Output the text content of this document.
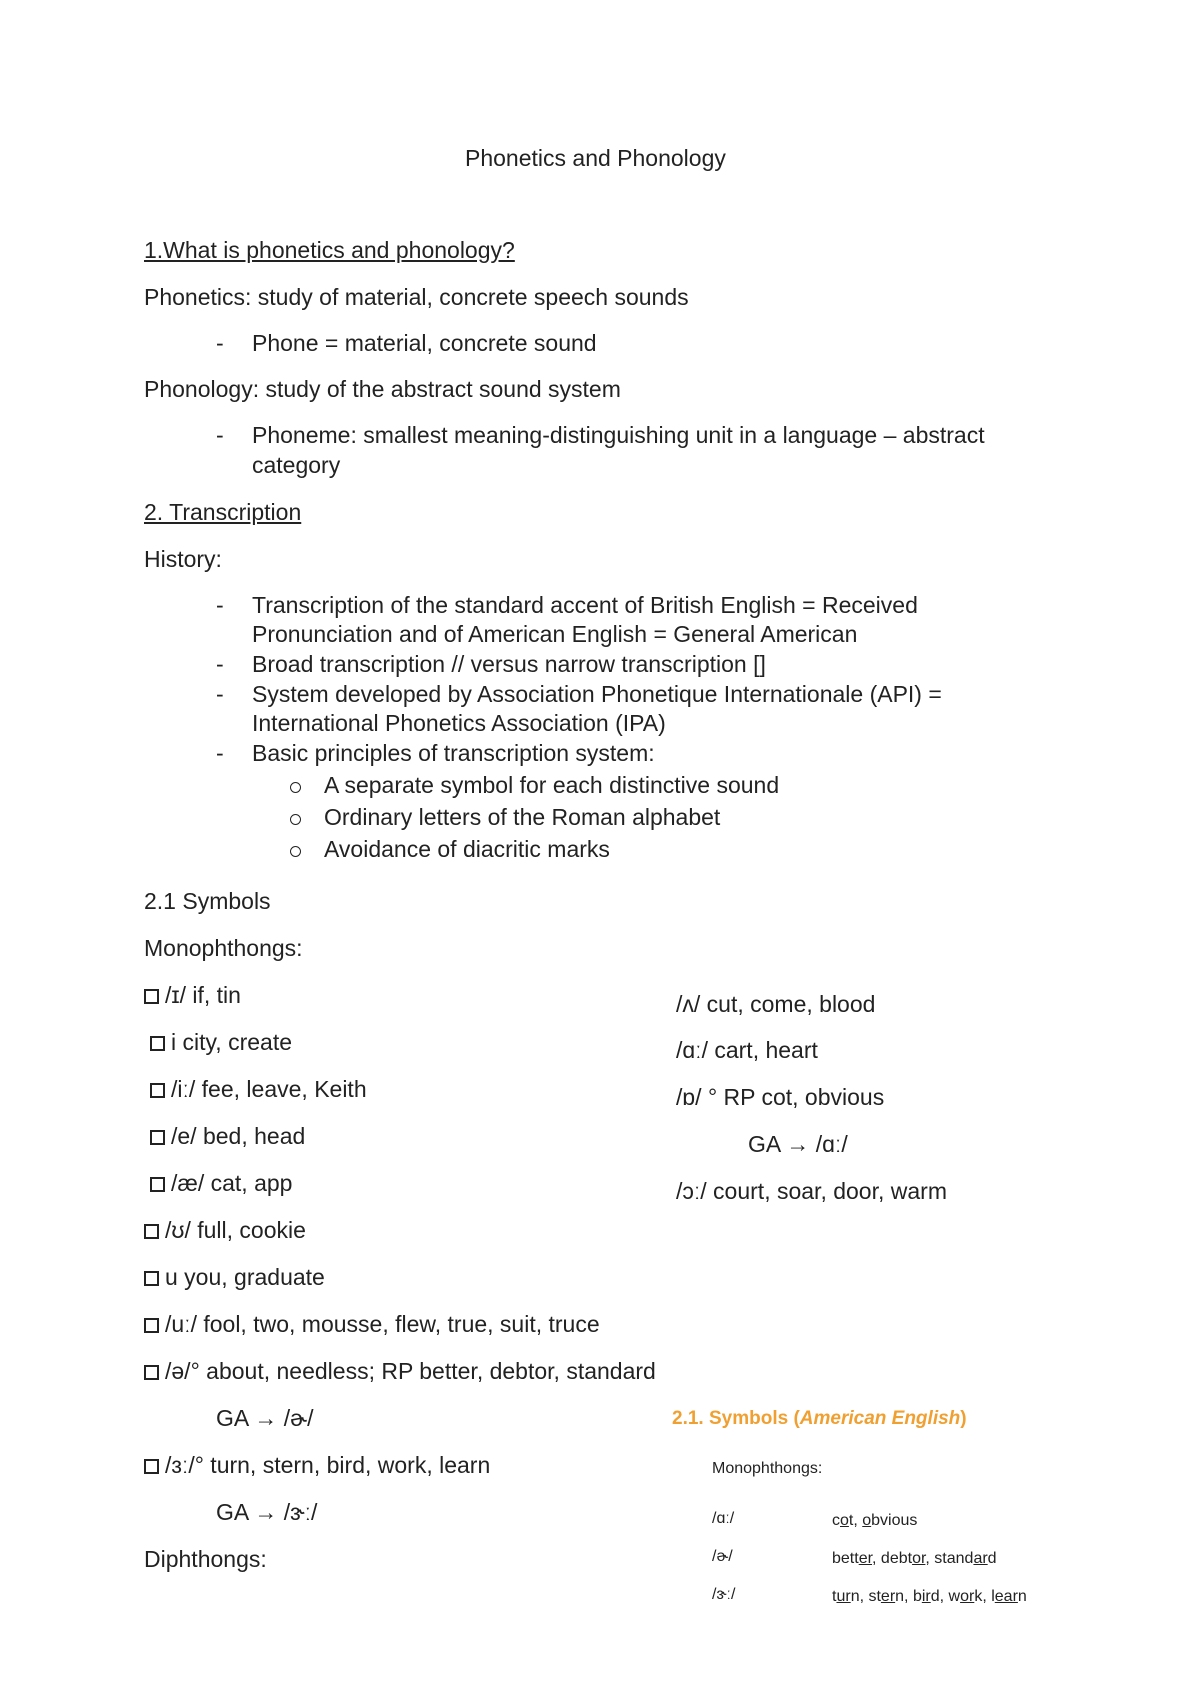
Phonetics and Phonology
1.What is phonetics and phonology?
Phonetics: study of material, concrete speech sounds
- Phone = material, concrete sound
Phonology: study of the abstract sound system
- Phoneme: smallest meaning-distinguishing unit in a language – abstract
category
2. Transcription
History:
- Transcription of the standard accent of British English = Received
Pronunciation and of American English = General American
- Broad transcription // versus narrow transcription []
- System developed by Association Phonetique Internationale (API) =
International Phonetics Association (IPA)
- Basic principles of transcription system:
A separate symbol for each distinctive sound
Ordinary letters of the Roman alphabet
Avoidance of diacritic marks
2.1 Symbols
Monophthongs:
/ɪ/ if, tin
i city, create
/iː/ fee, leave, Keith
/e/ bed, head
/æ/ cat, app
/ʊ/ full, cookie
u you, graduate
/uː/ fool, two, mousse, flew, true, suit, truce
/ə/° about, needless; RP better, debtor, standard
GA → /ɚ/
/ɜː/° turn, stern, bird, work, learn
GA → /ɝː/
Diphthongs:
/ʌ/ cut, come, blood
/ɑː/ cart, heart
/ɒ/ ° RP cot, obvious
GA → /ɑː/
/ɔː/ court, soar, door, warm
2.1. Symbols (American English)
Monophthongs:
/ɑː/	cot, obvious
/ɚ/	better, debtor, standard
/ɝː/	turn, stern, bird, work, learn
